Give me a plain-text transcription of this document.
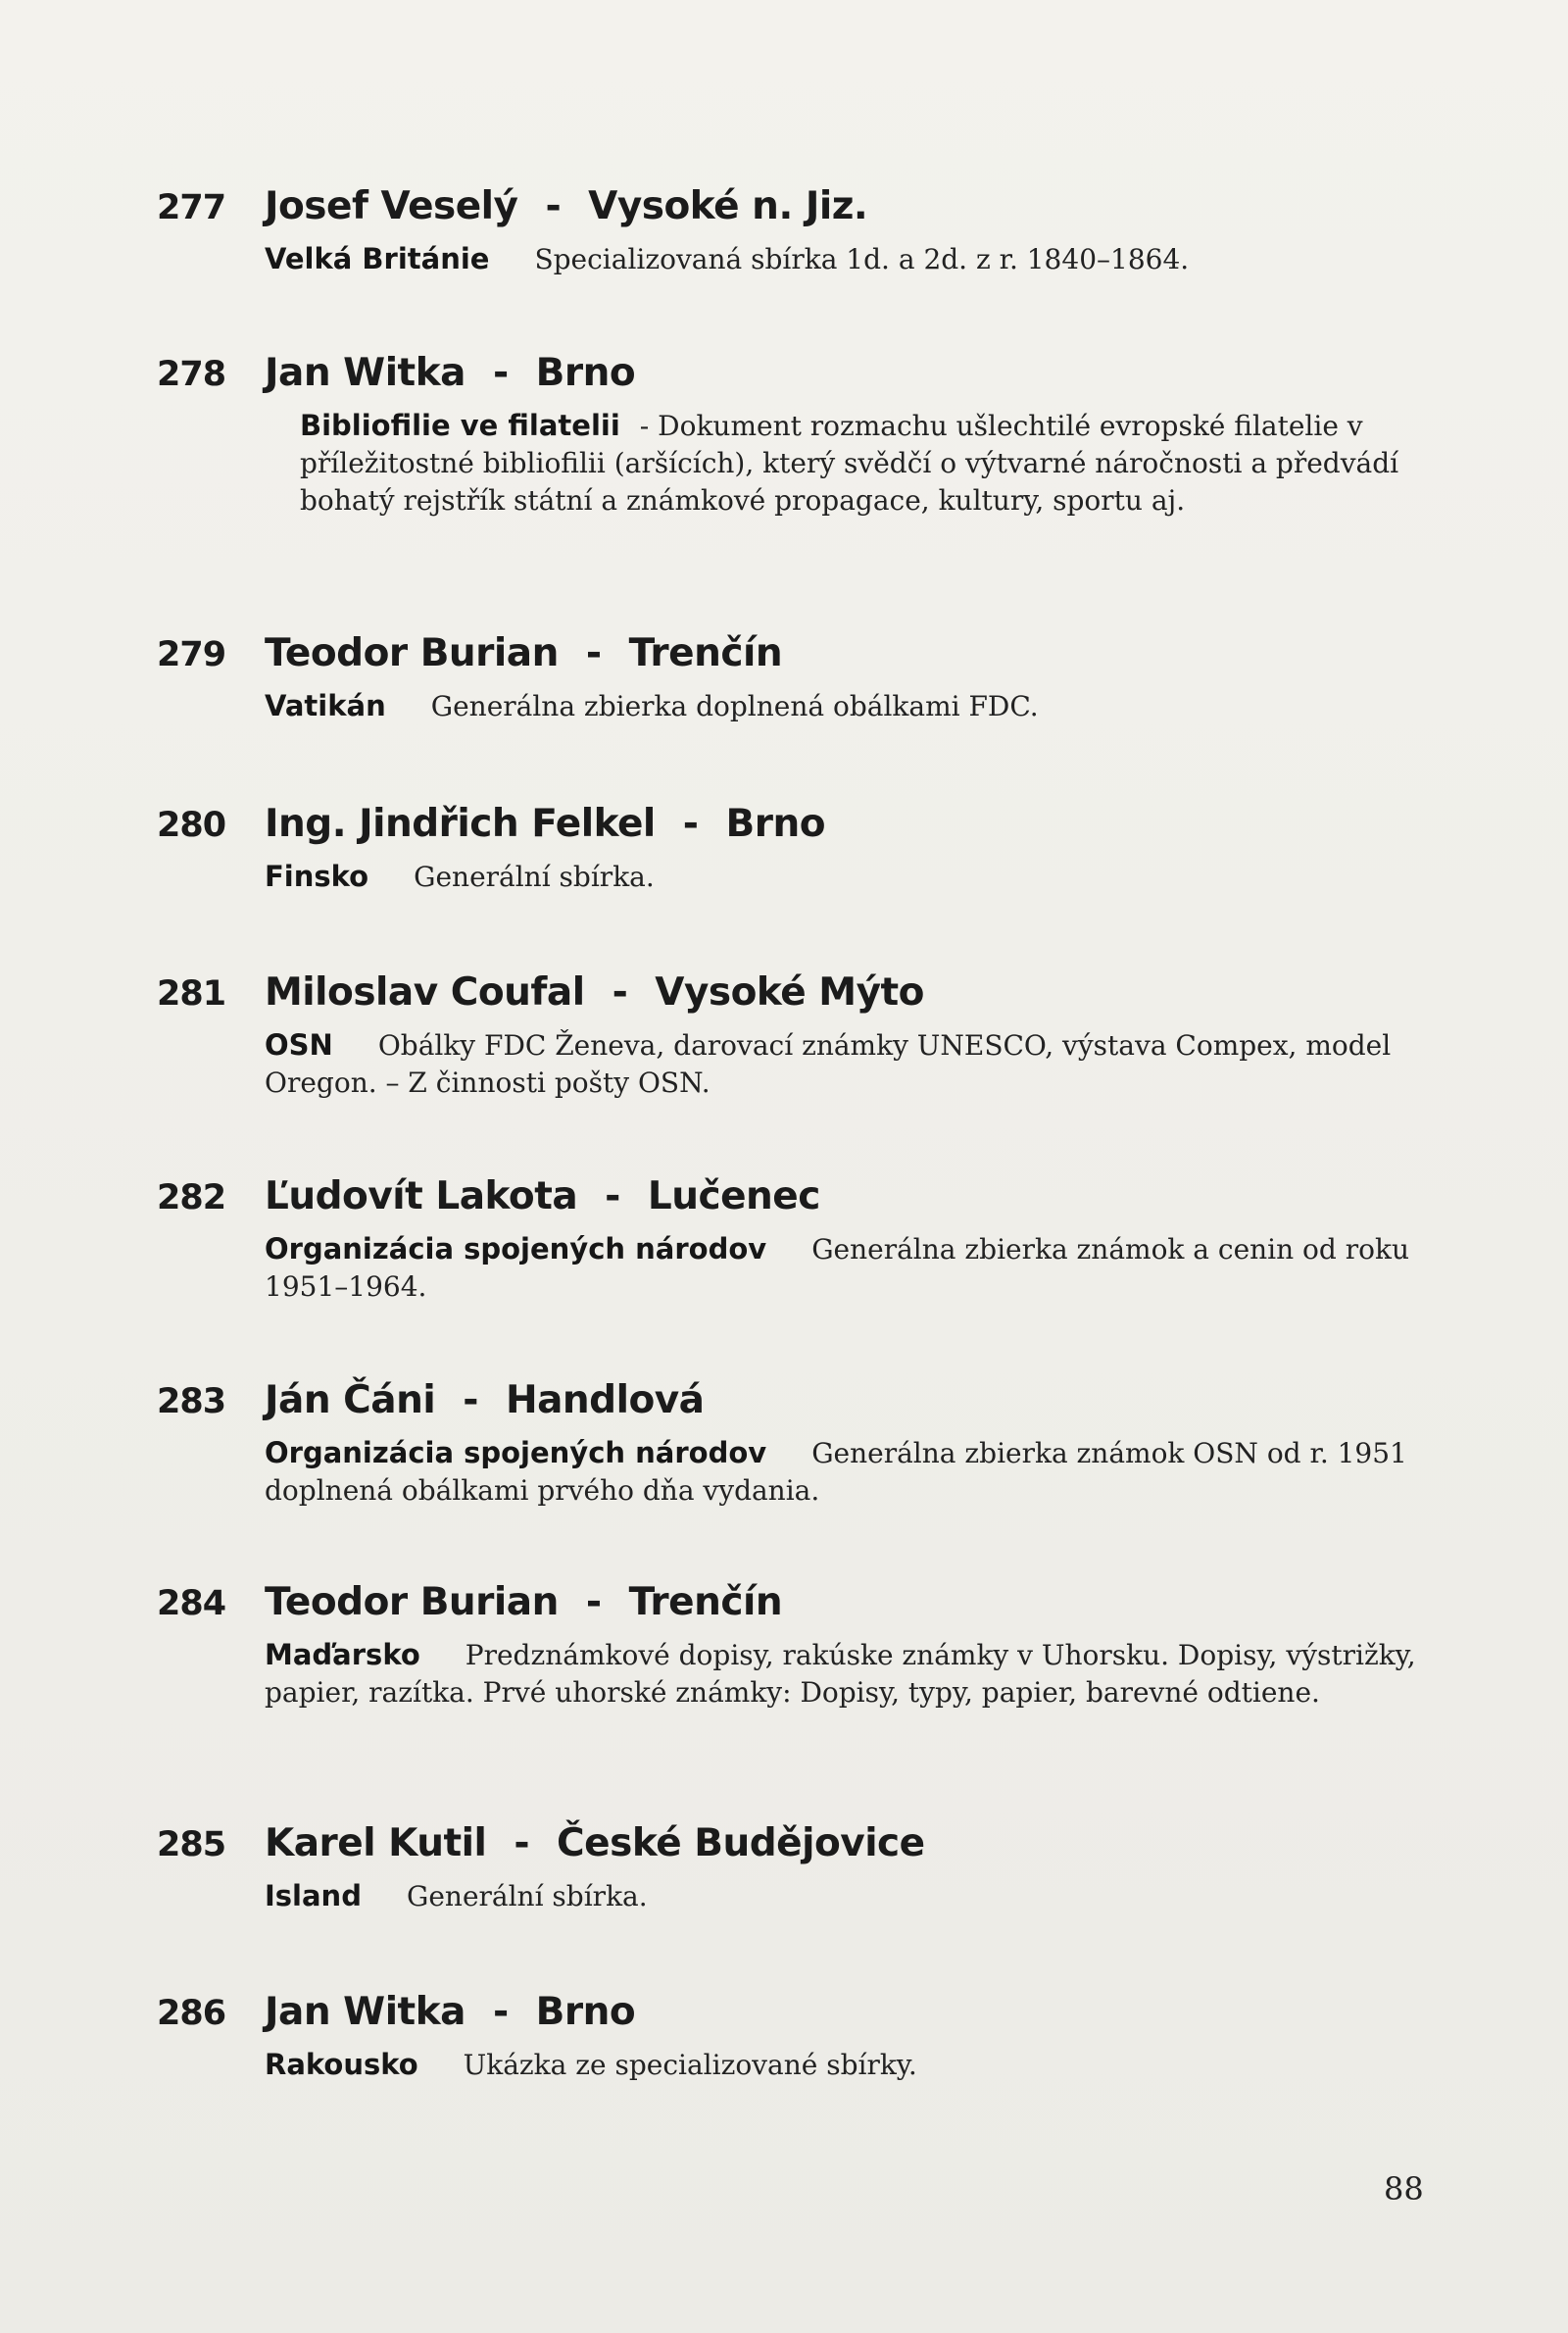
277	Josef Veselý - Vysoké n. Jiz.
Velká Británie Specializovaná sbírka 1d. a 2d. z r. 1840–1864.
278	Jan Witka - Brno
Bibliofilie ve filatelii - Dokument rozmachu ušlechtilé evropské filatelie v příležitostné bibliofilii (aršících), který svědčí o výtvarné náročnosti a předvádí bohatý rejstřík státní a známkové propagace, kultury, sportu aj.
279	Teodor Burian - Trenčín
Vatikán Generálna zbierka doplnená obálkami FDC.
280	Ing. Jindřich Felkel - Brno
Finsko Generální sbírka.
281	Miloslav Coufal - Vysoké Mýto
OSN Obálky FDC Ženeva, darovací známky UNESCO, výstava Compex, model Oregon. – Z činnosti pošty OSN.
282	Ľudovít Lakota - Lučenec
Organizácia spojených národov Generálna zbierka známok a cenin od roku 1951–1964.
283	Ján Čáni - Handlová
Organizácia spojených národov Generálna zbierka známok OSN od r. 1951 doplnená obálkami prvého dňa vydania.
284	Teodor Burian - Trenčín
Maďarsko Predznámkové dopisy, rakúske známky v Uhorsku. Dopisy, výstrižky, papier, razítka. Prvé uhorské známky: Dopisy, typy, papier, barevné odtiene.
285	Karel Kutil - České Budějovice
Island Generální sbírka.
286	Jan Witka - Brno
Rakousko Ukázka ze specializované sbírky.
88
